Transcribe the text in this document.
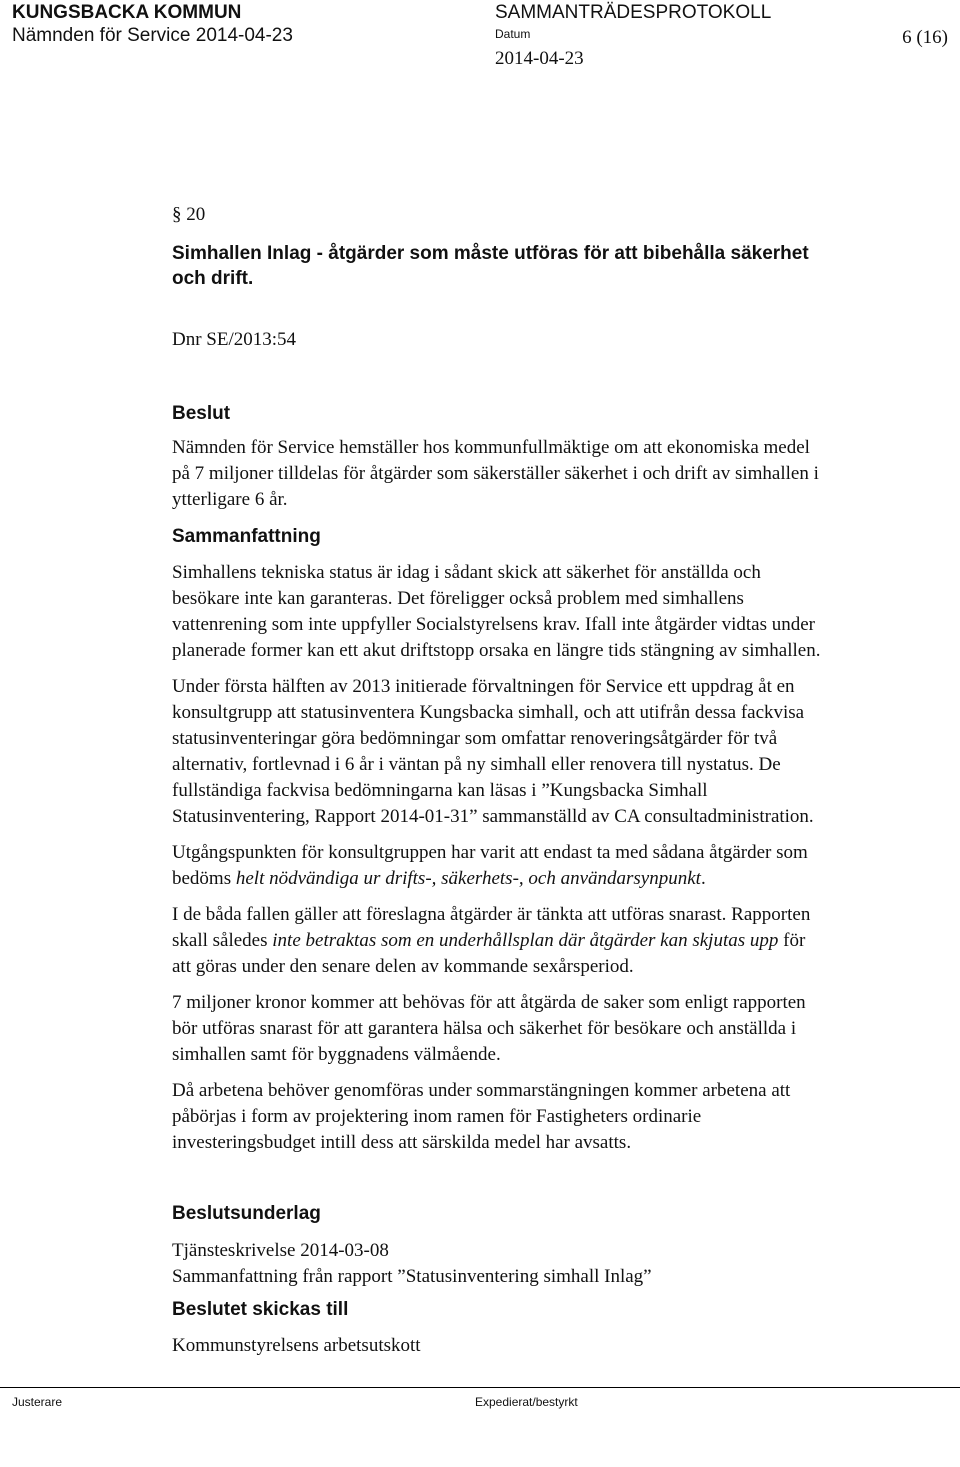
KUNGSBACKA KOMMUN
Nämnden för Service 2014-04-23
SAMMANTRÄDESPROTOKOLL
Datum
2014-04-23
6 (16)
§ 20
Simhallen Inlag - åtgärder som måste utföras för att bibehålla säkerhet
och drift.
Dnr SE/2013:54
Beslut

Nämnden för Service hemställer hos kommunfullmäktige om att ekonomiska medel

på 7 miljoner tilldelas för åtgärder som säkerställer säkerhet i och drift av simhallen i

ytterligare 6 år.

Sammanfattning

Simhallens tekniska status är idag i sådant skick att säkerhet för anställda och

besökare inte kan garanteras. Det föreligger också problem med simhallens

vattenrening som inte uppfyller Socialstyrelsens krav. Ifall inte åtgärder vidtas under

planerade former kan ett akut driftstopp orsaka en längre tids stängning av simhallen.

Under första hälften av 2013 initierade förvaltningen för Service ett uppdrag åt en

konsultgrupp att statusinventera Kungsbacka simhall, och att utifrån dessa fackvisa

statusinventeringar göra bedömningar som omfattar renoveringsåtgärder för två

alternativ, fortlevnad i 6 år i väntan på ny simhall eller renovera till nystatus. De

fullständiga fackvisa bedömningarna kan läsas i ”Kungsbacka Simhall

Statusinventering, Rapport 2014-01-31” sammanställd av CA consultadministration.

Utgångspunkten för konsultgruppen har varit att endast ta med sådana åtgärder som

bedöms helt nödvändiga ur drifts-, säkerhets-, och användarsynpunkt.

I de båda fallen gäller att föreslagna åtgärder är tänkta att utföras snarast. Rapporten

skall således inte betraktas som en underhållsplan där åtgärder kan skjutas upp för

att göras under den senare delen av kommande sexårsperiod.

7 miljoner kronor kommer att behövas för att åtgärda de saker som enligt rapporten

bör utföras snarast för att garantera hälsa och säkerhet för besökare och anställda i

simhallen samt för byggnadens välmående.

Då arbetena behöver genomföras under sommarstängningen kommer arbetena att

påbörjas i form av projektering inom ramen för Fastigheters ordinarie

investeringsbudget intill dess att särskilda medel har avsatts.

Beslutsunderlag

Tjänsteskrivelse 2014-03-08

Sammanfattning från rapport ”Statusinventering simhall Inlag”

Beslutet skickas till

Kommunstyrelsens arbetsutskott

Justerare	Expedierat/bestyrkt
